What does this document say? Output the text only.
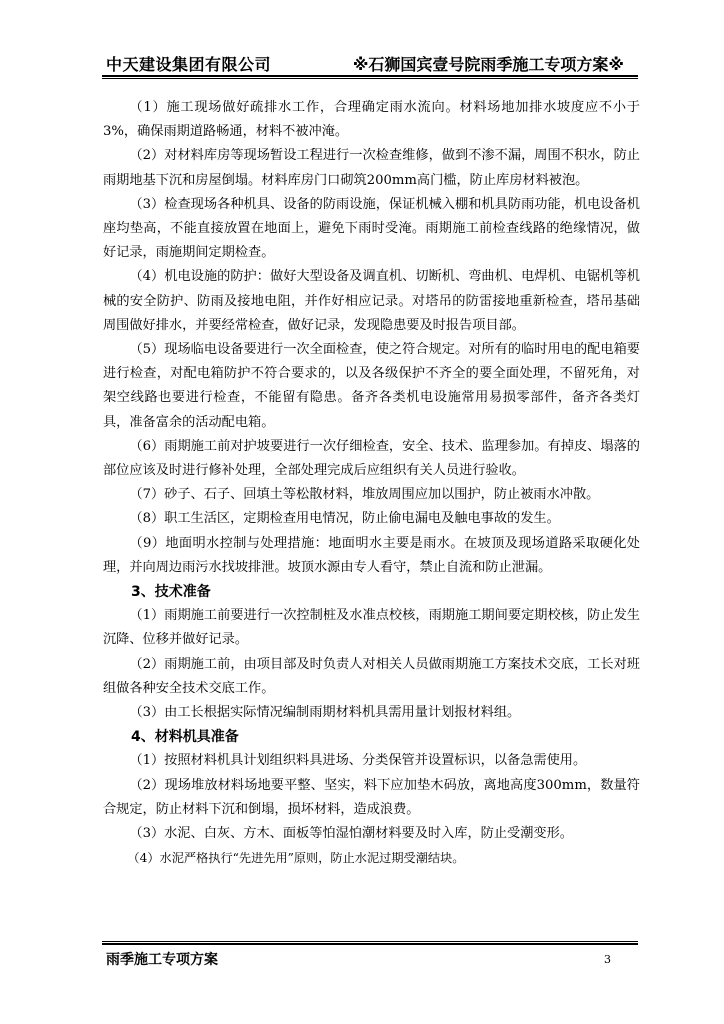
中天建设集团有限公司	※石狮国宾壹号院雨季施工专项方案※

（1）施工现场做好疏排水工作，合理确定雨水流向。材料场地加排水坡度应不小于3%，确保雨期道路畅通，材料不被冲淹。

（2）对材料库房等现场暂设工程进行一次检查维修，做到不渗不漏，周围不积水，防止雨期地基下沉和房屋倒塌。材料库房门口砌筑200mm高门槛，防止库房材料被泡。

（3）检查现场各种机具、设备的防雨设施，保证机械入棚和机具防雨功能，机电设备机座均垫高，不能直接放置在地面上，避免下雨时受淹。雨期施工前检查线路的绝缘情况，做好记录，雨施期间定期检查。

（4）机电设施的防护：做好大型设备及调直机、切断机、弯曲机、电焊机、电锯机等机械的安全防护、防雨及接地电阻，并作好相应记录。对塔吊的防雷接地重新检查，塔吊基础周围做好排水，并要经常检查，做好记录，发现隐患要及时报告项目部。

（5）现场临电设备要进行一次全面检查，使之符合规定。对所有的临时用电的配电箱要进行检查，对配电箱防护不符合要求的，以及各级保护不齐全的要全面处理，不留死角，对架空线路也要进行检查，不能留有隐患。备齐各类机电设施常用易损零部件，备齐各类灯具，准备富余的活动配电箱。

（6）雨期施工前对护坡要进行一次仔细检查，安全、技术、监理参加。有掉皮、塌落的部位应该及时进行修补处理，全部处理完成后应组织有关人员进行验收。

（7）砂子、石子、回填土等松散材料，堆放周围应加以围护，防止被雨水冲散。

（8）职工生活区，定期检查用电情况，防止偷电漏电及触电事故的发生。

（9）地面明水控制与处理措施：地面明水主要是雨水。在坡顶及现场道路采取硬化处理，并向周边雨污水找坡排泄。坡顶水源由专人看守，禁止自流和防止泄漏。

3、技术准备

（1）雨期施工前要进行一次控制桩及水准点校核，雨期施工期间要定期校核，防止发生沉降、位移并做好记录。

（2）雨期施工前，由项目部及时负责人对相关人员做雨期施工方案技术交底，工长对班组做各种安全技术交底工作。

（3）由工长根据实际情况编制雨期材料机具需用量计划报材料组。

4、材料机具准备

（1）按照材料机具计划组织料具进场、分类保管并设置标识，以备急需使用。

（2）现场堆放材料场地要平整、坚实，料下应加垫木码放，离地高度300mm，数量符合规定，防止材料下沉和倒塌，损坏材料，造成浪费。

（3）水泥、白灰、方木、面板等怕湿怕潮材料要及时入库，防止受潮变形。

（4）水泥严格执行“先进先用”原则，防止水泥过期受潮结块。

雨季施工专项方案	3
